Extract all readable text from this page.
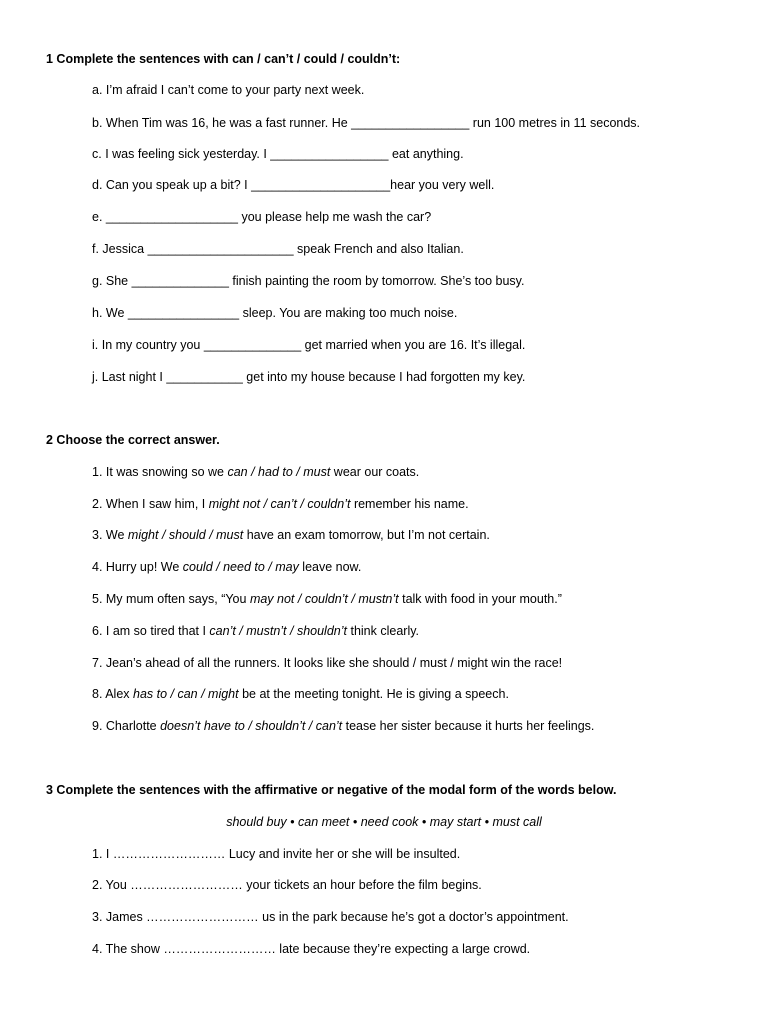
1 Complete the sentences with can / can’t / could / couldn’t:
a. I’m afraid I can’t come to your party next week.
b. When Tim was 16, he was a fast runner. He _________________ run 100 metres in 11 seconds.
c. I was feeling sick yesterday. I _________________ eat anything.
d. Can you speak up a bit? I ____________________hear you very well.
e. ___________________ you please help me wash the car?
f. Jessica _____________________ speak French and also Italian.
g. She ______________ finish painting the room by tomorrow. She’s too busy.
h. We ________________ sleep. You are making too much noise.
i. In my country you ______________ get married when you are 16. It’s illegal.
j. Last night I ___________ get into my house because I had forgotten my key.
2 Choose the correct answer.
1. It was snowing so we can / had to / must wear our coats.
2. When I saw him, I might not / can’t / couldn’t remember his name.
3. We might / should / must have an exam tomorrow, but I’m not certain.
4. Hurry up! We could / need to / may leave now.
5. My mum often says, “You may not / couldn’t / mustn’t talk with food in your mouth.”
6. I am so tired that I can’t / mustn’t / shouldn’t think clearly.
7. Jean’s ahead of all the runners. It looks like she should / must / might win the race!
8. Alex has to / can / might be at the meeting tonight. He is giving a speech.
9. Charlotte doesn’t have to / shouldn’t / can’t tease her sister because it hurts her feelings.
3 Complete the sentences with the affirmative or negative of the modal form of the words below.
should buy • can meet • need cook • may start • must call
1. I ……………………… Lucy and invite her or she will be insulted.
2. You ……………………… your tickets an hour before the film begins.
3. James ……………………… us in the park because he’s got a doctor’s appointment.
4. The show ……………………… late because they’re expecting a large crowd.
